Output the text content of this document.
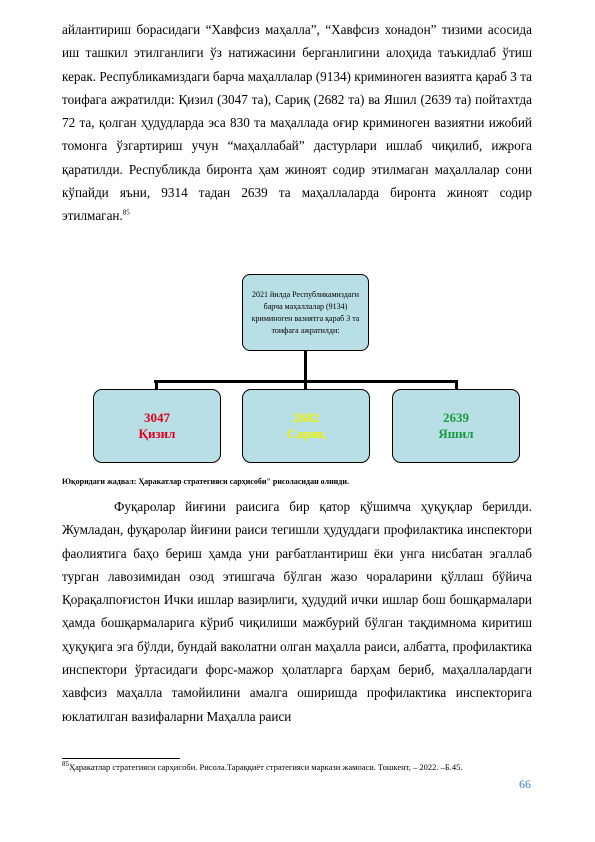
айлантириш борасидаги “Хавфсиз маҳалла”, “Хавфсиз хонадон” тизими асосида иш ташкил этилганлиги ўз натижасини берганлигини алоҳида таъкидлаб ўтиш керак. Республикамиздаги барча маҳаллалар (9134) криминоген вазиятга қараб 3 та тоифага ажратилди: Қизил (3047 та), Сариқ (2682 та) ва Яшил (2639 та) пойтахтда 72 та, қолган ҳудудларда эса 830 та маҳаллада оғир криминоген вазиятни ижобий томонга ўзгартириш учун “маҳаллабай” дастурлари ишлаб чиқилиб, ижрога қаратилди. Республикда биронта ҳам жиноят содир этилмаган маҳаллалар сони кўпайди яъни, 9314 тадан 2639 та маҳаллаларда биронта жиноят содир этилмаган.$^{85}$
2021 йилда Республикамиздаги барча маҳаллалар (9134) криминоген вазиятга қараб 3 та тоифага ажратилди:
3047
Қизил
2682
Сариқ
2639
Яшил
Юқоридаги жадвал: Ҳаракатлар стратегияси сарҳисоби" рисоласидан олинди.
Фуқаролар йиғини раисига бир қатор қўшимча ҳуқуқлар берилди. Жумладан, фуқаролар йиғини раиси тегишли ҳудуддаги профилактика инспектори фаолиятига баҳо бериш ҳамда уни рағбатлантириш ёки унга нисбатан эгаллаб турган лавозимидан озод этишгача бўлган жазо чораларини қўллаш бўйича Қорақалпоғистон Ички ишлар вазирлиги, ҳудудий ички ишлар бош бошқармалари ҳамда бошқармаларига кўриб чиқилиши мажбурий бўлган тақдимнома киритиш ҳуқуқига эга бўлди, бундай ваколатни олган маҳалла раиси, албатта, профилактика инспектори ўртасидаги форс-мажор ҳолатларга барҳам бериб, маҳаллалардаги хавфсиз маҳалла тамойилини амалга оширишда профилактика инспекторига юклатилган вазифаларни Маҳалла раиси
$^{85}$Ҳаракатлар стратегияси сарҳисоби. Рисола.Тараққиёт стратегияси маркази жамоаси. Тошкент, – 2022. –Б.45.
66
